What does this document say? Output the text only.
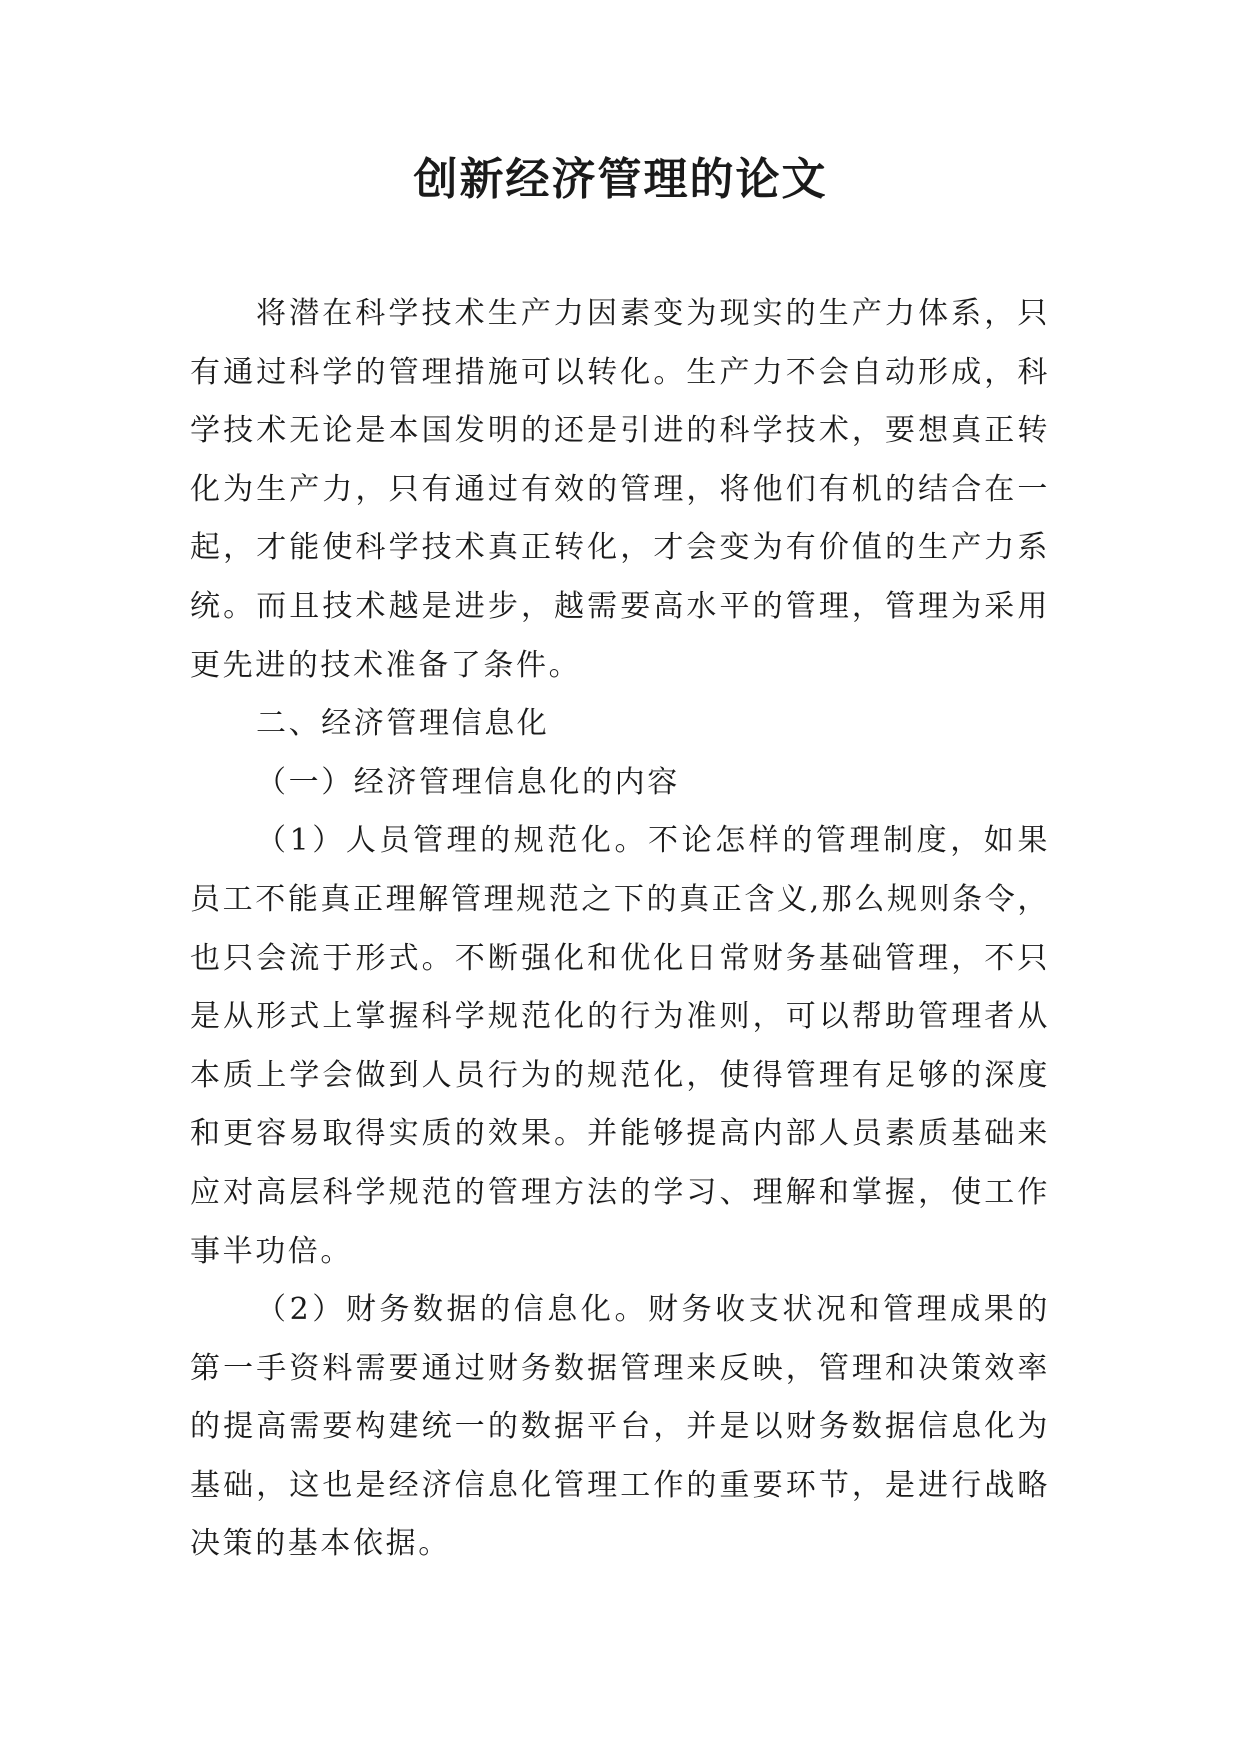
创新经济管理的论文

将潜在科学技术生产力因素变为现实的生产力体系，只有通过科学的管理措施可以转化。生产力不会自动形成，科学技术无论是本国发明的还是引进的科学技术，要想真正转化为生产力，只有通过有效的管理，将他们有机的结合在一起，才能使科学技术真正转化，才会变为有价值的生产力系统。而且技术越是进步，越需要高水平的管理，管理为采用更先进的技术准备了条件。

二、经济管理信息化

（一）经济管理信息化的内容

（1）人员管理的规范化。不论怎样的管理制度，如果员工不能真正理解管理规范之下的真正含义,那么规则条令，也只会流于形式。不断强化和优化日常财务基础管理，不只是从形式上掌握科学规范化的行为准则，可以帮助管理者从本质上学会做到人员行为的规范化，使得管理有足够的深度和更容易取得实质的效果。并能够提高内部人员素质基础来应对高层科学规范的管理方法的学习、理解和掌握，使工作事半功倍。

（2）财务数据的信息化。财务收支状况和管理成果的第一手资料需要通过财务数据管理来反映，管理和决策效率的提高需要构建统一的数据平台，并是以财务数据信息化为基础，这也是经济信息化管理工作的重要环节，是进行战略决策的基本依据。
